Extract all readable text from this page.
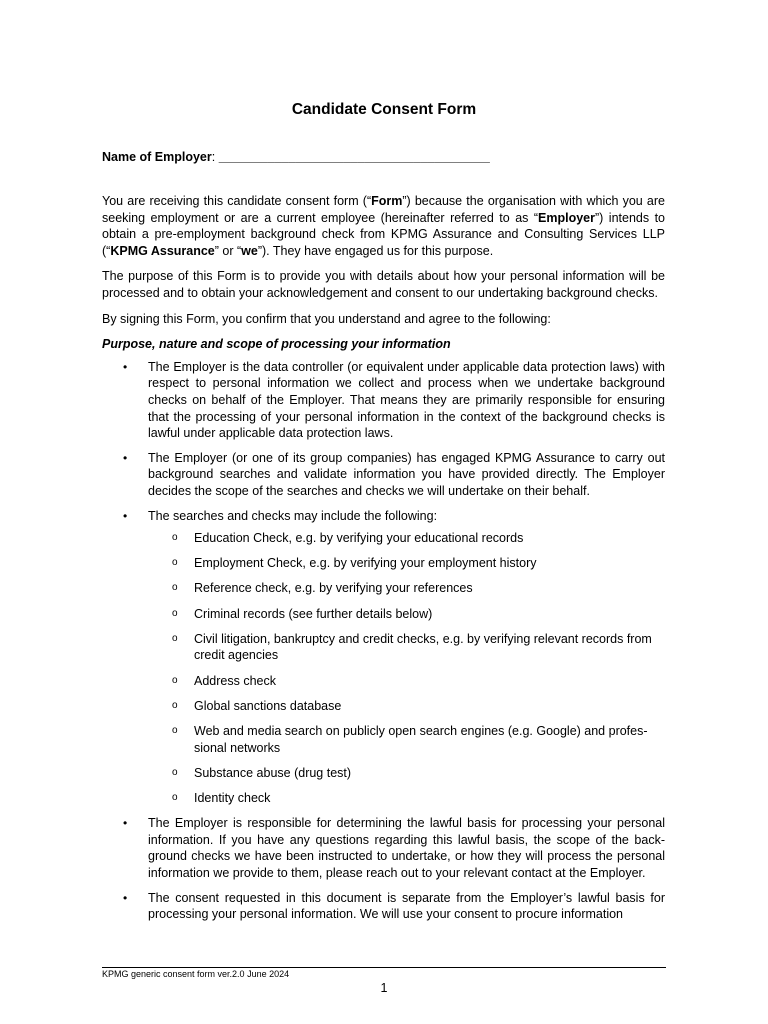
Candidate Consent Form
Name of Employer: _______________________________________

You are receiving this candidate consent form (“Form”) because the organisation with which you are seeking employment or are a current employee (hereinafter referred to as “Employer”) intends to obtain a pre-employment background check from KPMG Assurance and Consulting Services LLP (“KPMG Assurance” or “we”). They have engaged us for this purpose.

The purpose of this Form is to provide you with details about how your personal information will be processed and to obtain your acknowledgement and consent to our undertaking background checks.

By signing this Form, you confirm that you understand and agree to the following:

Purpose, nature and scope of processing your information
• The Employer is the data controller (or equivalent under applicable data protection laws) with respect to personal information we collect and process when we undertake background checks on behalf of the Employer. That means they are primarily responsible for ensuring that the processing of your personal information in the context of the background checks is lawful under applicable data protection laws.
• The Employer (or one of its group companies) has engaged KPMG Assurance to carry out background searches and validate information you have provided directly. The Employer decides the scope of the searches and checks we will undertake on their behalf.
• The searches and checks may include the following:
o Education Check, e.g. by verifying your educational records
o Employment Check, e.g. by verifying your employment history
o Reference check, e.g. by verifying your references
o Criminal records (see further details below)
o Civil litigation, bankruptcy and credit checks, e.g. by verifying relevant records from credit agencies
o Address check
o Global sanctions database
o Web and media search on publicly open search engines (e.g. Google) and profes-sional networks
o Substance abuse (drug test)
o Identity check
• The Employer is responsible for determining the lawful basis for processing your personal information. If you have any questions regarding this lawful basis, the scope of the back-ground checks we have been instructed to undertake, or how they will process the personal information we provide to them, please reach out to your relevant contact at the Employer.
• The consent requested in this document is separate from the Employer’s lawful basis for processing your personal information. We will use your consent to procure information
KPMG generic consent form ver.2.0 June 2024
1
